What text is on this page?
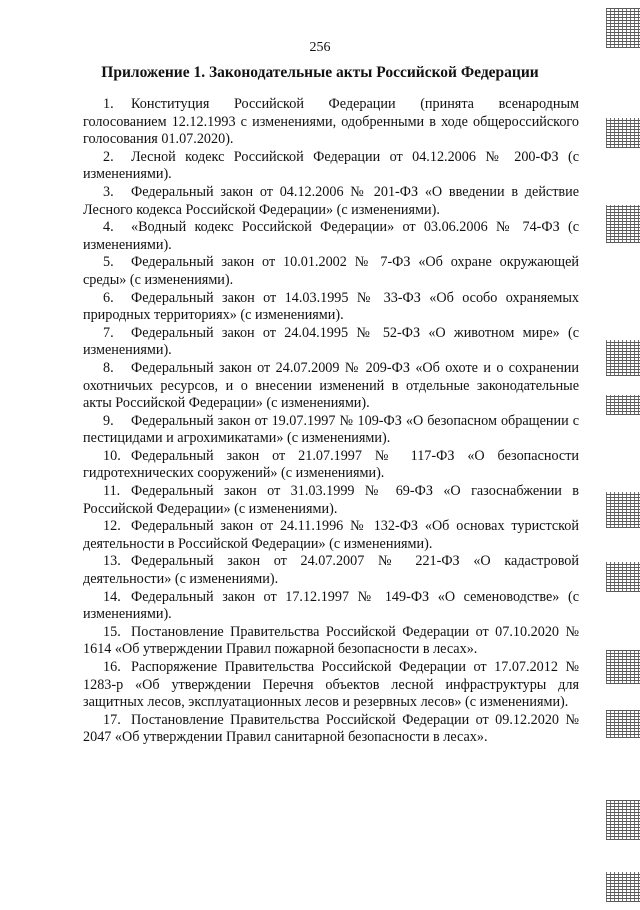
256
Приложение 1. Законодательные акты Российской Федерации

1. Конституция Российской Федерации (принята всенародным голосованием 12.12.1993 с изменениями, одобренными в ходе общероссийского голосования 01.07.2020).

2. Лесной кодекс Российской Федерации от 04.12.2006 № 200-ФЗ (с изменениями).

3. Федеральный закон от 04.12.2006 № 201-ФЗ «О введении в действие Лесного кодекса Российской Федерации» (с изменениями).

4. «Водный кодекс Российской Федерации» от 03.06.2006 № 74-ФЗ (с изменениями).

5. Федеральный закон от 10.01.2002 № 7-ФЗ «Об охране окружающей среды» (с изменениями).

6. Федеральный закон от 14.03.1995 № 33-ФЗ «Об особо охраняемых природных территориях» (с изменениями).

7. Федеральный закон от 24.04.1995 № 52-ФЗ «О животном мире» (с изменениями).

8. Федеральный закон от 24.07.2009 № 209-ФЗ «Об охоте и о сохранении охотничьих ресурсов, и о внесении изменений в отдельные законодательные акты Российской Федерации» (с изменениями).

9. Федеральный закон от 19.07.1997 № 109-ФЗ «О безопасном обращении с пестицидами и агрохимикатами» (с изменениями).

10. Федеральный закон от 21.07.1997 № 117-ФЗ «О безопасности гидротехнических сооружений» (с изменениями).

11. Федеральный закон от 31.03.1999 № 69-ФЗ «О газоснабжении в Российской Федерации» (с изменениями).

12. Федеральный закон от 24.11.1996 № 132-ФЗ «Об основах туристской деятельности в Российской Федерации» (с изменениями).

13. Федеральный закон от 24.07.2007 № 221-ФЗ «О кадастровой деятельности» (с изменениями).

14. Федеральный закон от 17.12.1997 № 149-ФЗ «О семеноводстве» (с изменениями).

15. Постановление Правительства Российской Федерации от 07.10.2020 № 1614 «Об утверждении Правил пожарной безопасности в лесах».

16. Распоряжение Правительства Российской Федерации от 17.07.2012 № 1283-р «Об утверждении Перечня объектов лесной инфраструктуры для защитных лесов, эксплуатационных лесов и резервных лесов» (с изменениями).

17. Постановление Правительства Российской Федерации от 09.12.2020 № 2047 «Об утверждении Правил санитарной безопасности в лесах».
